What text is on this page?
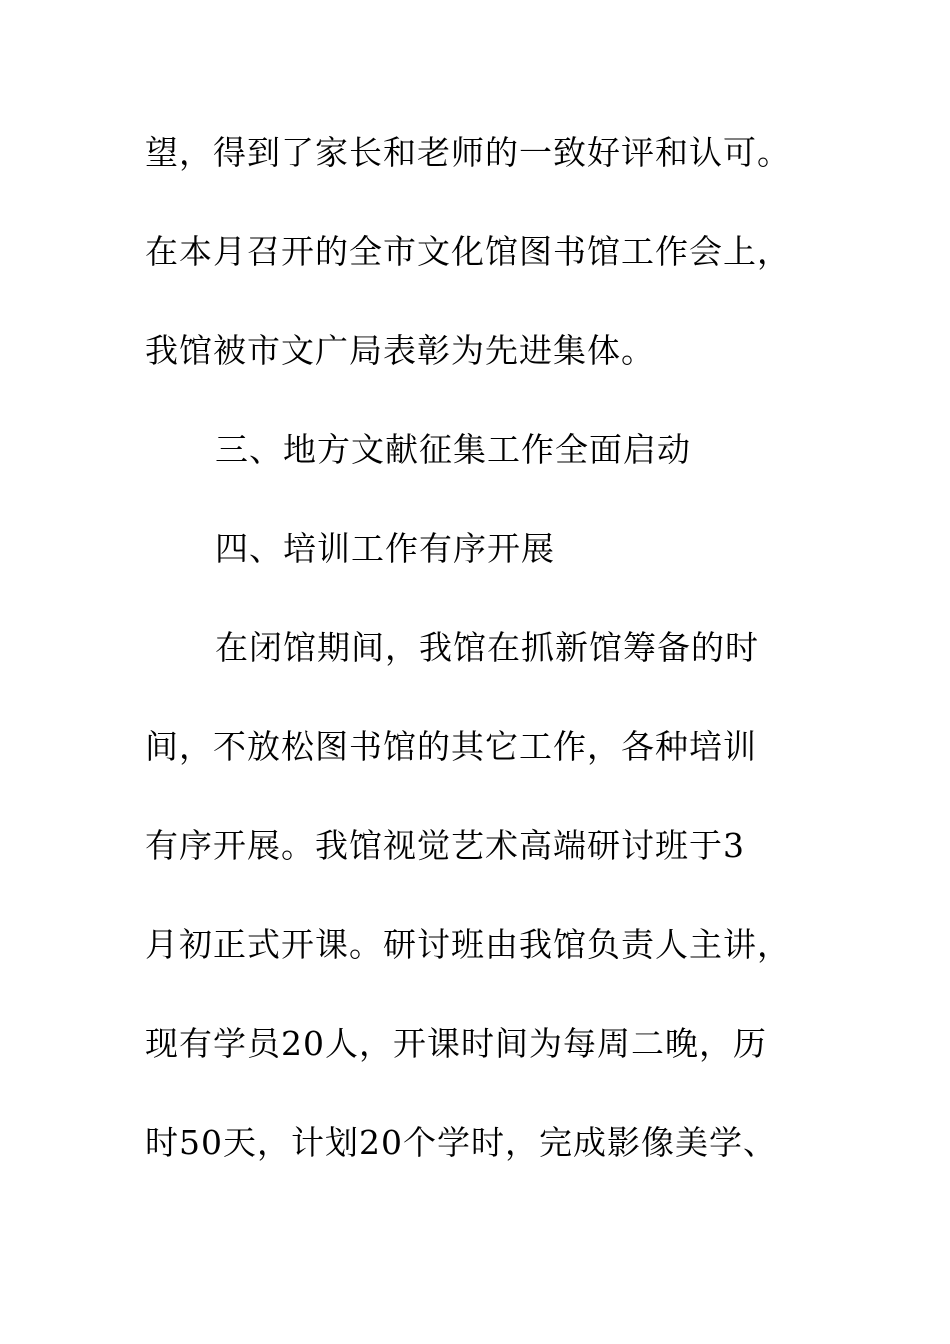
望，得到了家长和老师的一致好评和认可。
在本月召开的全市文化馆图书馆工作会上，
我馆被市文广局表彰为先进集体。
三、地方文献征集工作全面启动
四、培训工作有序开展
在闭馆期间，我馆在抓新馆筹备的时
间，不放松图书馆的其它工作，各种培训
有序开展。我馆视觉艺术高端研讨班于3
月初正式开课。研讨班由我馆负责人主讲，
现有学员20人，开课时间为每周二晚，历
时50天，计划20个学时，完成影像美学、
